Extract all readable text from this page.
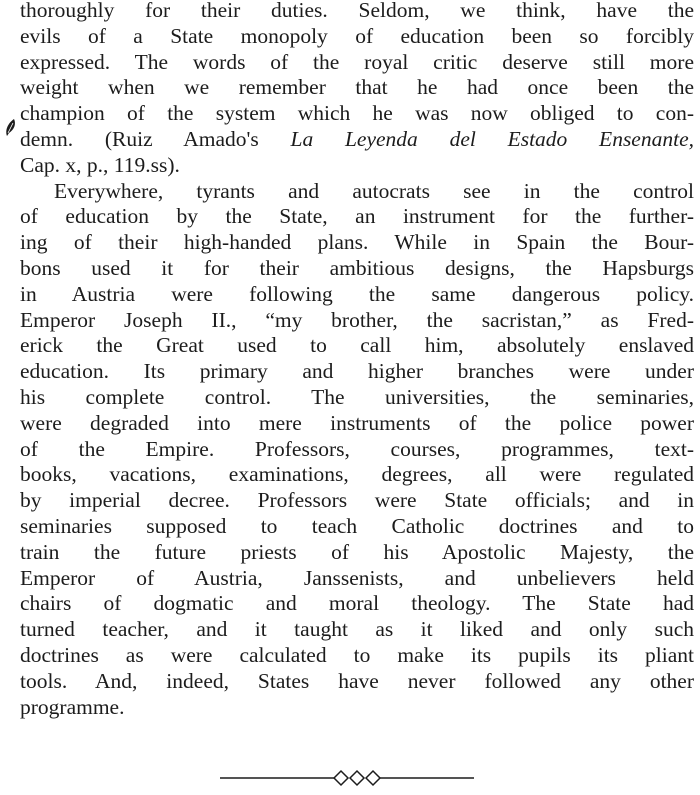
thoroughly for their duties. Seldom, we think, have the
evils of a State monopoly of education been so forcibly
expressed. The words of the royal critic deserve still more
weight when we remember that he had once been the
champion of the system which he was now obliged to con-
demn. (Ruiz Amado's La Leyenda del Estado Ensenante,
Cap. x, p., 119.ss).

Everywhere, tyrants and autocrats see in the control
of education by the State, an instrument for the further-
ing of their high-handed plans. While in Spain the Bour-
bons used it for their ambitious designs, the Hapsburgs
in Austria were following the same dangerous policy.
Emperor Joseph II., “my brother, the sacristan,” as Fred-
erick the Great used to call him, absolutely enslaved
education. Its primary and higher branches were under
his complete control. The universities, the seminaries,
were degraded into mere instruments of the police power
of the Empire. Professors, courses, programmes, text-
books, vacations, examinations, degrees, all were regulated
by imperial decree. Professors were State officials; and in
seminaries supposed to teach Catholic doctrines and to
train the future priests of his Apostolic Majesty, the
Emperor of Austria, Janssenists, and unbelievers held
chairs of dogmatic and moral theology. The State had
turned teacher, and it taught as it liked and only such
doctrines as were calculated to make its pupils its pliant
tools. And, indeed, States have never followed any other
programme.
